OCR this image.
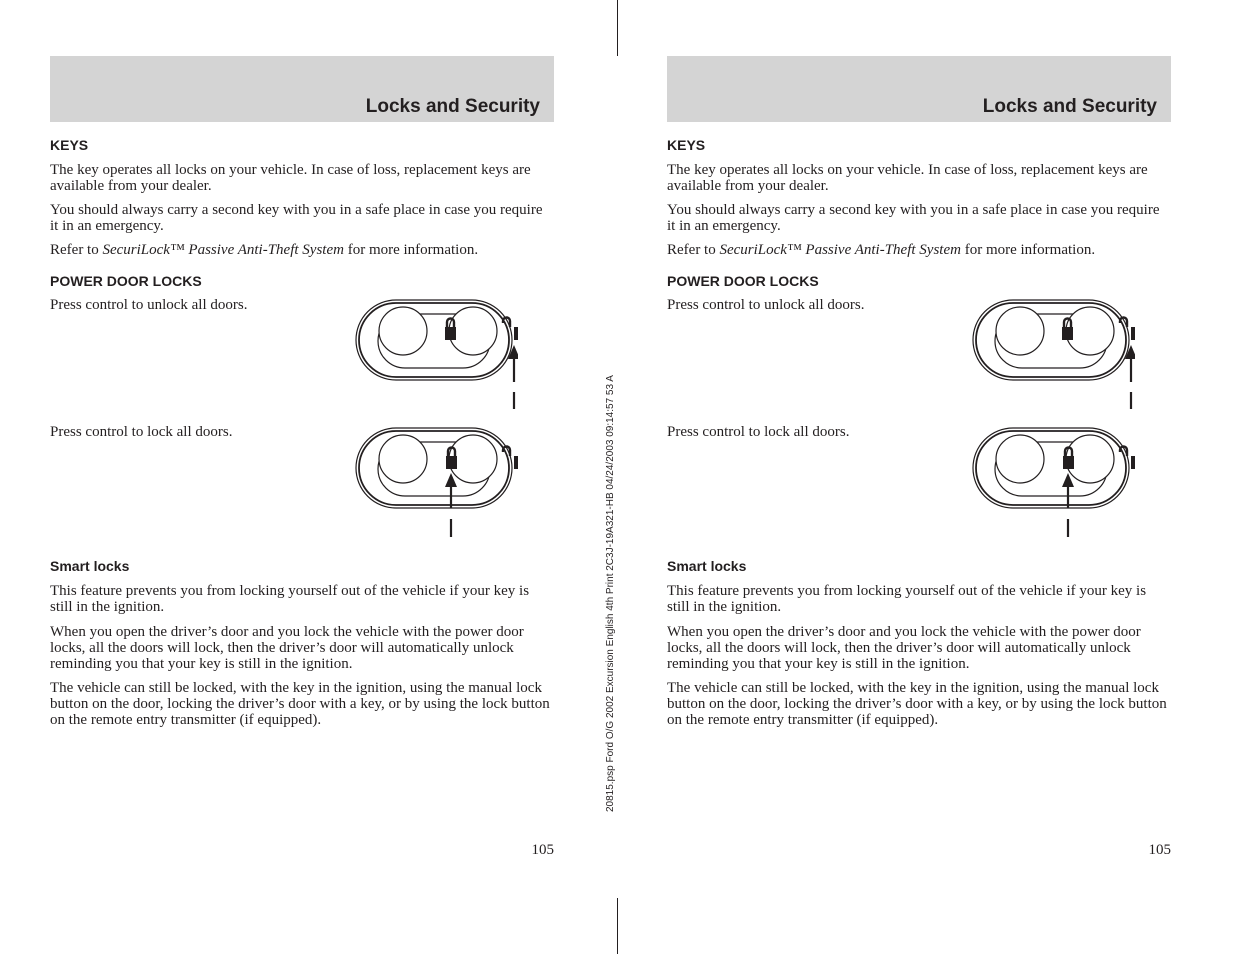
20815.psp Ford O/G 2002 Excursion English 4th Print 2C3J-19A321-HB 04/24/2003 09:14:57 53 A
Locks and Security
KEYS

The key operates all locks on your vehicle. In case of loss, replacement keys are available from your dealer.

You should always carry a second key with you in a safe place in case you require it in an emergency.

Refer to SecuriLock™ Passive Anti-Theft System for more information.

POWER DOOR LOCKS

Press control to unlock all doors.

Press control to lock all doors.

Smart locks

This feature prevents you from locking yourself out of the vehicle if your key is still in the ignition.

When you open the driver’s door and you lock the vehicle with the power door locks, all the doors will lock, then the driver’s door will automatically unlock reminding you that your key is still in the ignition.

The vehicle can still be locked, with the key in the ignition, using the manual lock button on the door, locking the driver’s door with a key, or by using the lock button on the remote entry transmitter (if equipped).

105
Locks and Security
KEYS

The key operates all locks on your vehicle. In case of loss, replacement keys are available from your dealer.

You should always carry a second key with you in a safe place in case you require it in an emergency.

Refer to SecuriLock™ Passive Anti-Theft System for more information.

POWER DOOR LOCKS

Press control to unlock all doors.

Press control to lock all doors.

Smart locks

This feature prevents you from locking yourself out of the vehicle if your key is still in the ignition.

When you open the driver’s door and you lock the vehicle with the power door locks, all the doors will lock, then the driver’s door will automatically unlock reminding you that your key is still in the ignition.

The vehicle can still be locked, with the key in the ignition, using the manual lock button on the door, locking the driver’s door with a key, or by using the lock button on the remote entry transmitter (if equipped).

105
